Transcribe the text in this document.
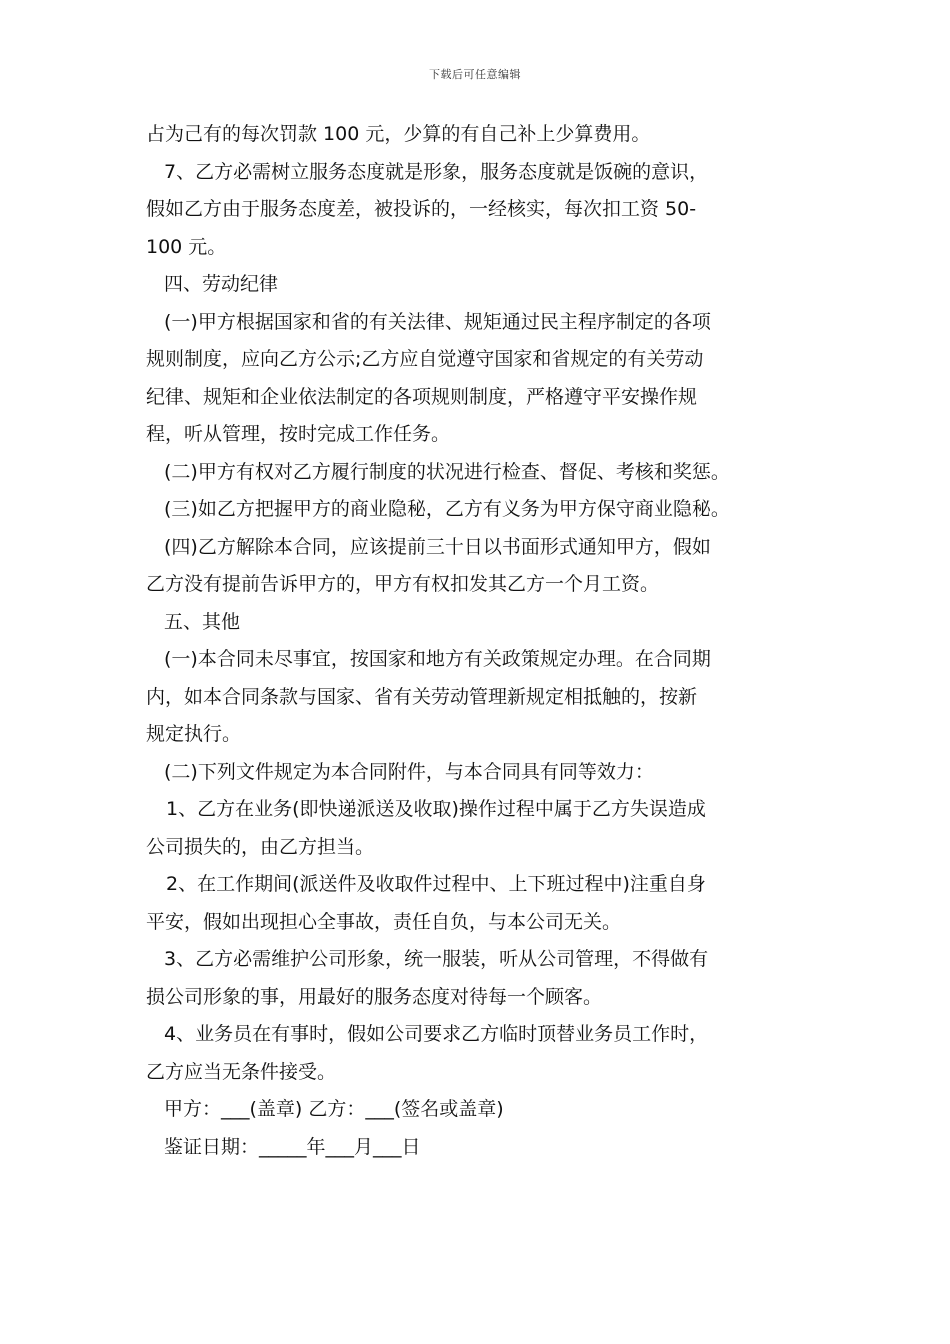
下载后可任意编辑
占为己有的每次罚款 100 元，少算的有自己补上少算费用。
7、乙方必需树立服务态度就是形象，服务态度就是饭碗的意识，
假如乙方由于服务态度差，被投诉的，一经核实，每次扣工资 50-
100 元。
四、劳动纪律
(一)甲方根据国家和省的有关法律、规矩通过民主程序制定的各项
规则制度，应向乙方公示;乙方应自觉遵守国家和省规定的有关劳动
纪律、规矩和企业依法制定的各项规则制度，严格遵守平安操作规
程，听从管理，按时完成工作任务。
(二)甲方有权对乙方履行制度的状况进行检查、督促、考核和奖惩。
(三)如乙方把握甲方的商业隐秘，乙方有义务为甲方保守商业隐秘。
(四)乙方解除本合同，应该提前三十日以书面形式通知甲方，假如
乙方没有提前告诉甲方的，甲方有权扣发其乙方一个月工资。
五、其他
(一)本合同未尽事宜，按国家和地方有关政策规定办理。在合同期
内，如本合同条款与国家、省有关劳动管理新规定相抵触的，按新
规定执行。
(二)下列文件规定为本合同附件，与本合同具有同等效力：
1、乙方在业务(即快递派送及收取)操作过程中属于乙方失误造成
公司损失的，由乙方担当。
2、在工作期间(派送件及收取件过程中、上下班过程中)注重自身
平安，假如出现担心全事故，责任自负，与本公司无关。
3、乙方必需维护公司形象，统一服装，听从公司管理，不得做有
损公司形象的事，用最好的服务态度对待每一个顾客。
4、业务员在有事时，假如公司要求乙方临时顶替业务员工作时，
乙方应当无条件接受。
甲方：___(盖章) 乙方：___(签名或盖章)
鉴证日期：_____年___月___日
